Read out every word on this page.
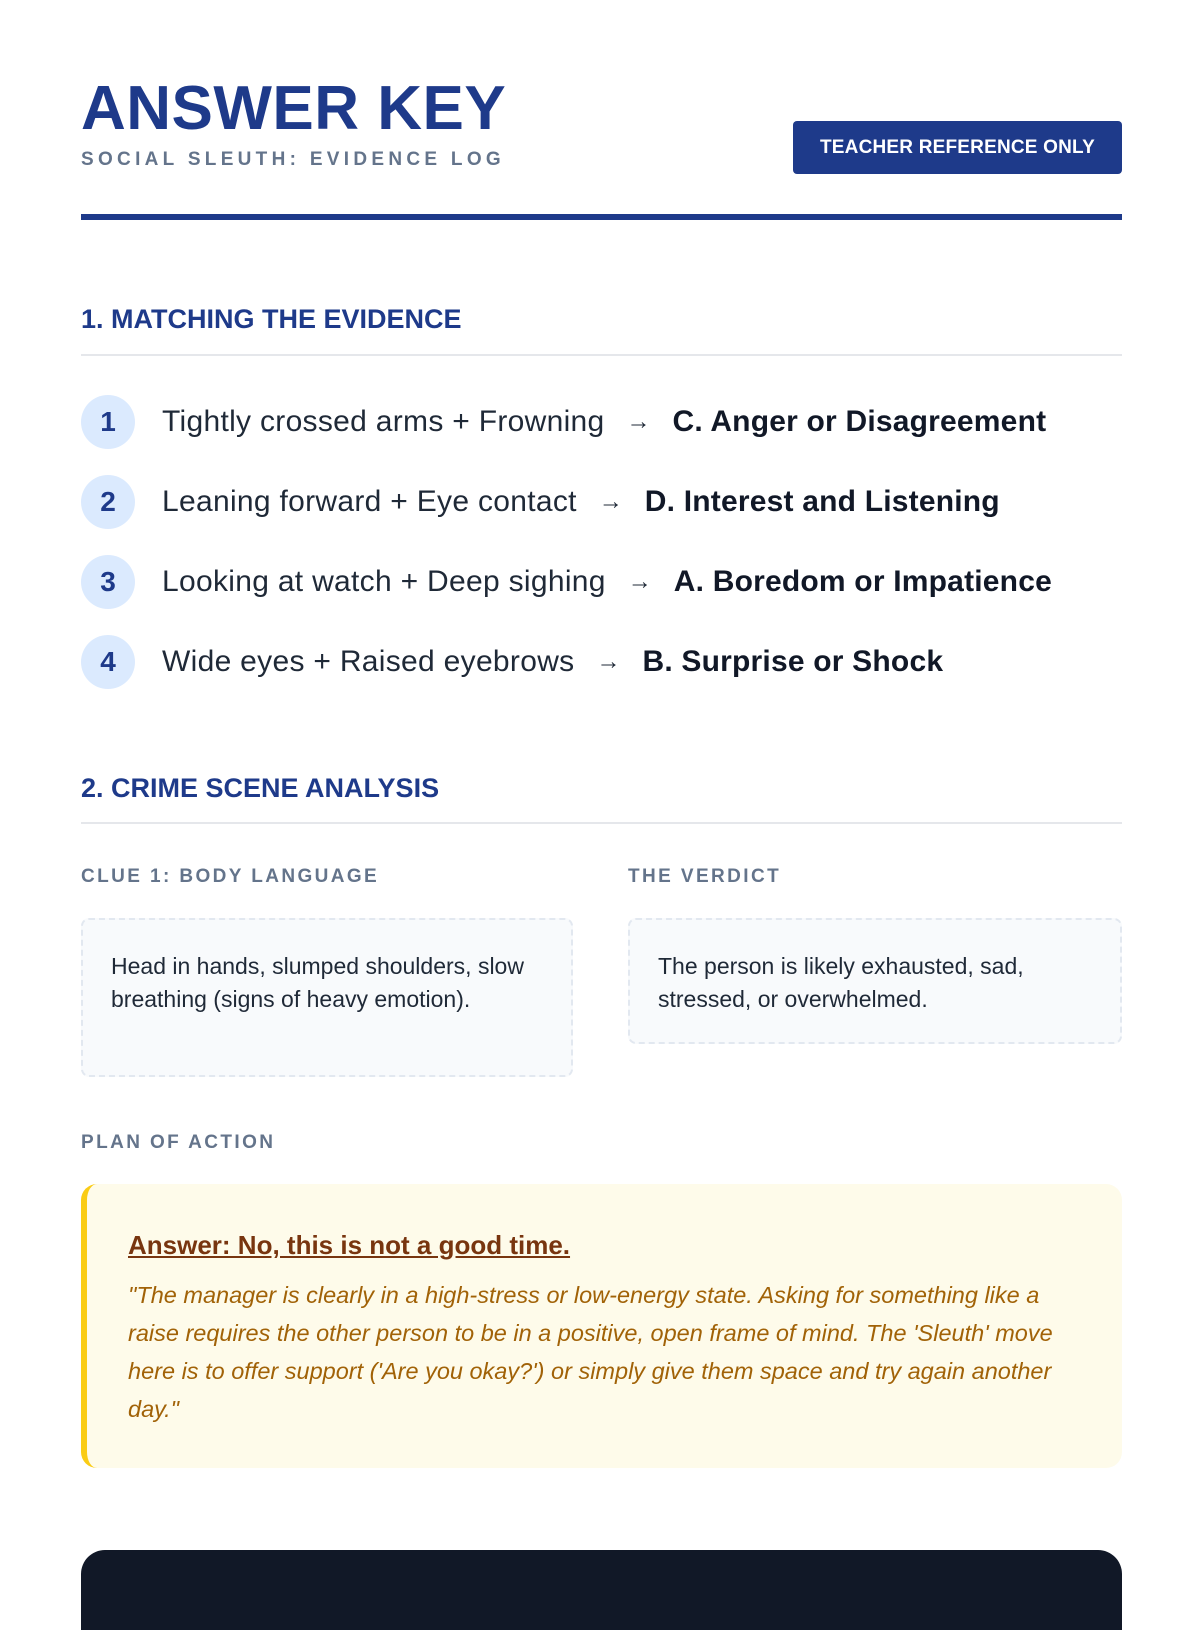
ANSWER KEY
SOCIAL SLEUTH: EVIDENCE LOG
TEACHER REFERENCE ONLY
1. MATCHING THE EVIDENCE
1	Tightly crossed arms + Frowning → C. Anger or Disagreement
2	Leaning forward + Eye contact → D. Interest and Listening
3	Looking at watch + Deep sighing → A. Boredom or Impatience
4	Wide eyes + Raised eyebrows → B. Surprise or Shock
2. CRIME SCENE ANALYSIS
CLUE 1: BODY LANGUAGE	THE VERDICT
Head in hands, slumped shoulders, slow breathing (signs of heavy emotion).
The person is likely exhausted, sad, stressed, or overwhelmed.
PLAN OF ACTION

Answer: No, this is not a good time.

"The manager is clearly in a high-stress or low-energy state. Asking for something like a raise requires the other person to be in a positive, open frame of mind. The 'Sleuth' move here is to offer support ('Are you okay?') or simply give them space and try again another day."
